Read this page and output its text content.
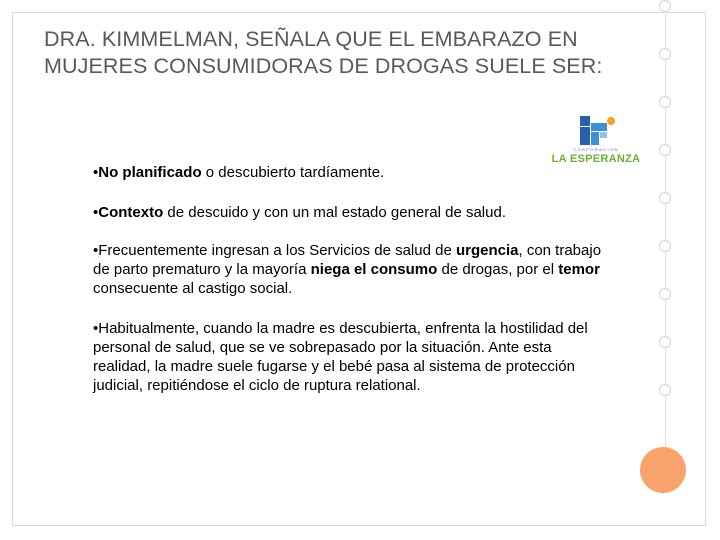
DRA. KIMMELMAN, SEÑALA QUE EL EMBARAZO EN MUJERES CONSUMIDORAS DE DROGAS SUELE SER:
CORPORACION
LA ESPERANZA

•No planificado o descubierto tardíamente.

•Contexto de descuido y con un mal estado general de salud.

•Frecuentemente ingresan a los Servicios de salud de urgencia, con trabajo de parto prematuro y la mayoría niega el consumo de drogas, por el temor consecuente al castigo social.

•Habitualmente, cuando la madre es descubierta, enfrenta la hostilidad del personal de salud, que se ve sobrepasado por la situación. Ante esta realidad, la madre suele fugarse y el bebé pasa al sistema de protección judicial, repitiéndose el ciclo de ruptura relational.
